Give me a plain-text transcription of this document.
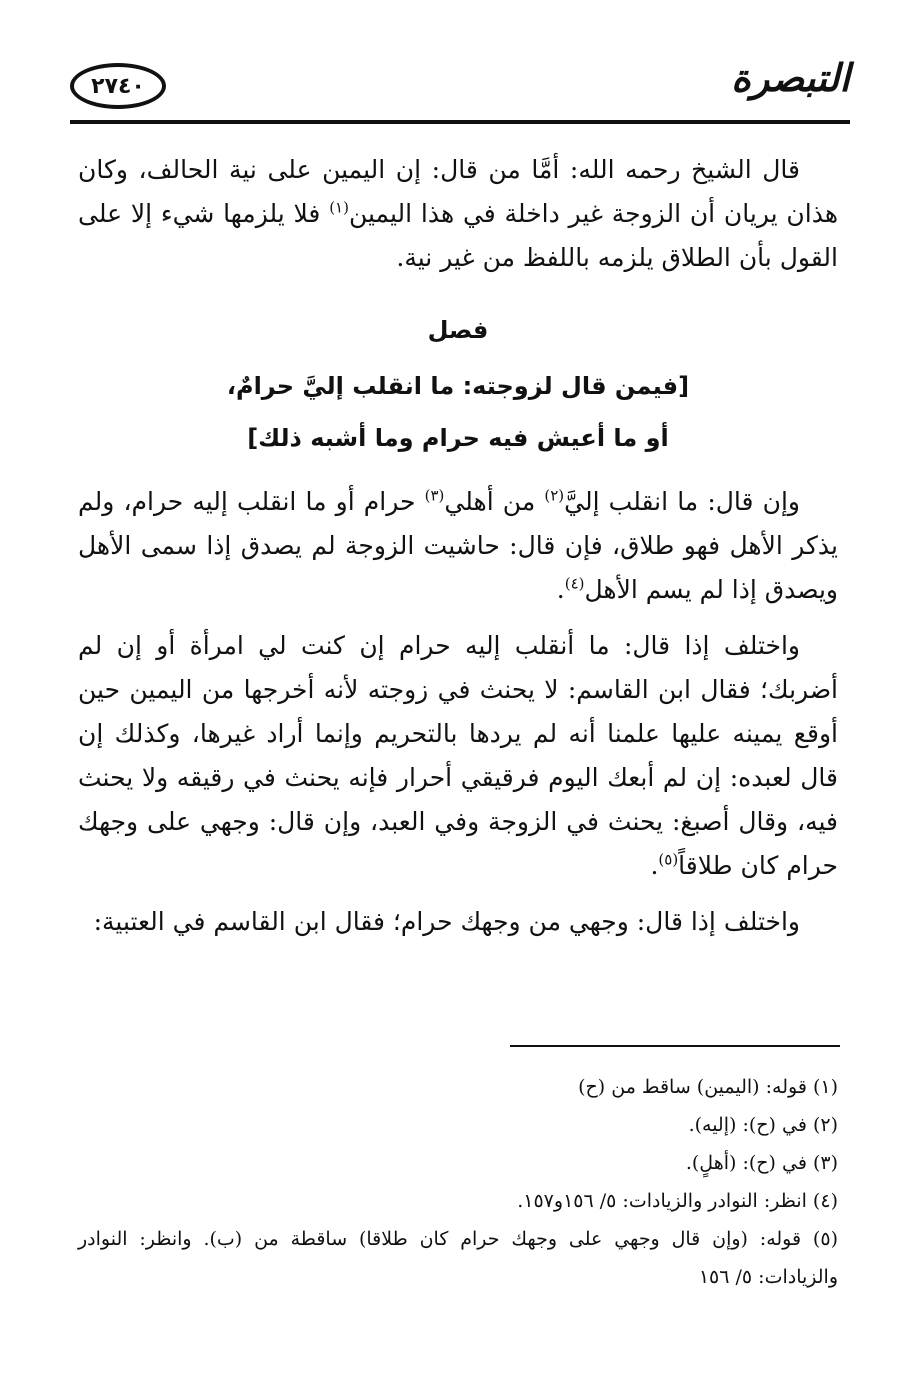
٢٧٤٠	التبصرة

قال الشيخ رحمه الله: أمَّا من قال: إن اليمين على نية الحالف، وكان هذان يريان أن الزوجة غير داخلة في هذا اليمين$^{(١)}$ فلا يلزمها شيء إلا على القول بأن الطلاق يلزمه باللفظ من غير نية.

فصل
[فيمن قال لزوجته: ما انقلب إليَّ حرامٌ،
أو ما أعيش فيه حرام وما أشبه ذلك]

وإن قال: ما انقلب إليَّ$^{(٢)}$ من أهلي$^{(٣)}$ حرام أو ما انقلب إليه حرام، ولم يذكر الأهل فهو طلاق، فإن قال: حاشيت الزوجة لم يصدق إذا سمى الأهل ويصدق إذا لم يسم الأهل$^{(٤)}$.

واختلف إذا قال: ما أنقلب إليه حرام إن كنت لي امرأة أو إن لم أضربك؛ فقال ابن القاسم: لا يحنث في زوجته لأنه أخرجها من اليمين حين أوقع يمينه عليها علمنا أنه لم يردها بالتحريم وإنما أراد غيرها، وكذلك إن قال لعبده: إن لم أبعك اليوم فرقيقي أحرار فإنه يحنث في رقيقه ولا يحنث فيه، وقال أصبغ: يحنث في الزوجة وفي العبد، وإن قال: وجهي على وجهك حرام كان طلاقاً$^{(٥)}$.

واختلف إذا قال: وجهي من وجهك حرام؛ فقال ابن القاسم في العتبية:

(١) قوله: (اليمين) ساقط من (ح)

(٢) في (ح): (إليه).

(٣) في (ح): (أهلٍ).

(٤) انظر: النوادر والزيادات: ٥/ ١٥٦و١٥٧.

(٥) قوله: (وإن قال وجهي على وجهك حرام كان طلاقا) ساقطة من (ب). وانظر: النوادر والزيادات: ٥/ ١٥٦
